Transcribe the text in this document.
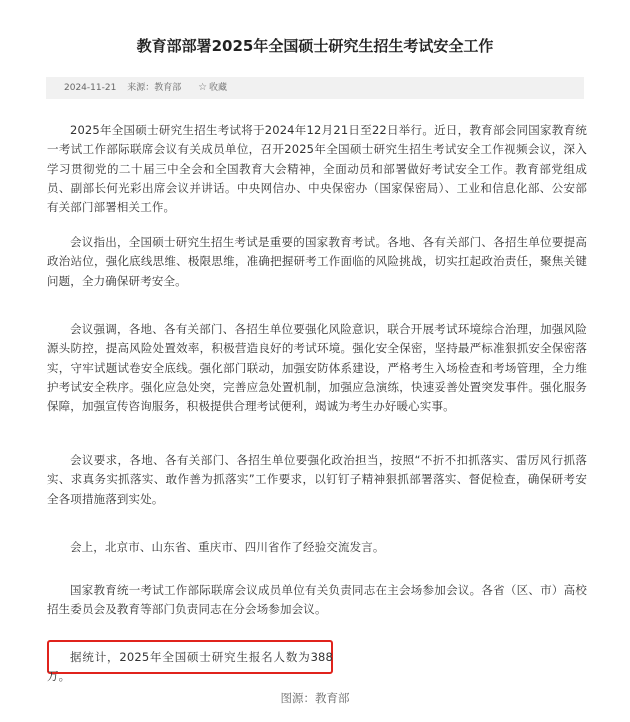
教育部部署2025年全国硕士研究生招生考试安全工作
2024-11-21 来源：教育部 ☆ 收藏

2025年全国硕士研究生招生考试将于2024年12月21日至22日举行。近日，教育部会同国家教育统一考试工作部际联席会议有关成员单位，召开2025年全国硕士研究生招生考试安全工作视频会议，深入学习贯彻党的二十届三中全会和全国教育大会精神，全面动员和部署做好考试安全工作。教育部党组成员、副部长何光彩出席会议并讲话。中央网信办、中央保密办（国家保密局）、工业和信息化部、公安部有关部门部署相关工作。

会议指出，全国硕士研究生招生考试是重要的国家教育考试。各地、各有关部门、各招生单位要提高政治站位，强化底线思维、极限思维，准确把握研考工作面临的风险挑战，切实扛起政治责任，聚焦关键问题，全力确保研考安全。

会议强调，各地、各有关部门、各招生单位要强化风险意识，联合开展考试环境综合治理，加强风险源头防控，提高风险处置效率，积极营造良好的考试环境。强化安全保密，坚持最严标准狠抓安全保密落实，守牢试题试卷安全底线。强化部门联动，加强安防体系建设，严格考生入场检查和考场管理，全力维护考试安全秩序。强化应急处突，完善应急处置机制，加强应急演练，快速妥善处置突发事件。强化服务保障，加强宣传咨询服务，积极提供合理考试便利，竭诚为考生办好暖心实事。

会议要求，各地、各有关部门、各招生单位要强化政治担当，按照“不折不扣抓落实、雷厉风行抓落实、求真务实抓落实、敢作善为抓落实”工作要求，以钉钉子精神狠抓部署落实、督促检查，确保研考安全各项措施落到实处。

会上，北京市、山东省、重庆市、四川省作了经验交流发言。

国家教育统一考试工作部际联席会议成员单位有关负责同志在主会场参加会议。各省（区、市）高校招生委员会及教育等部门负责同志在分会场参加会议。

据统计，2025年全国硕士研究生报名人数为388万。

图源：教育部
